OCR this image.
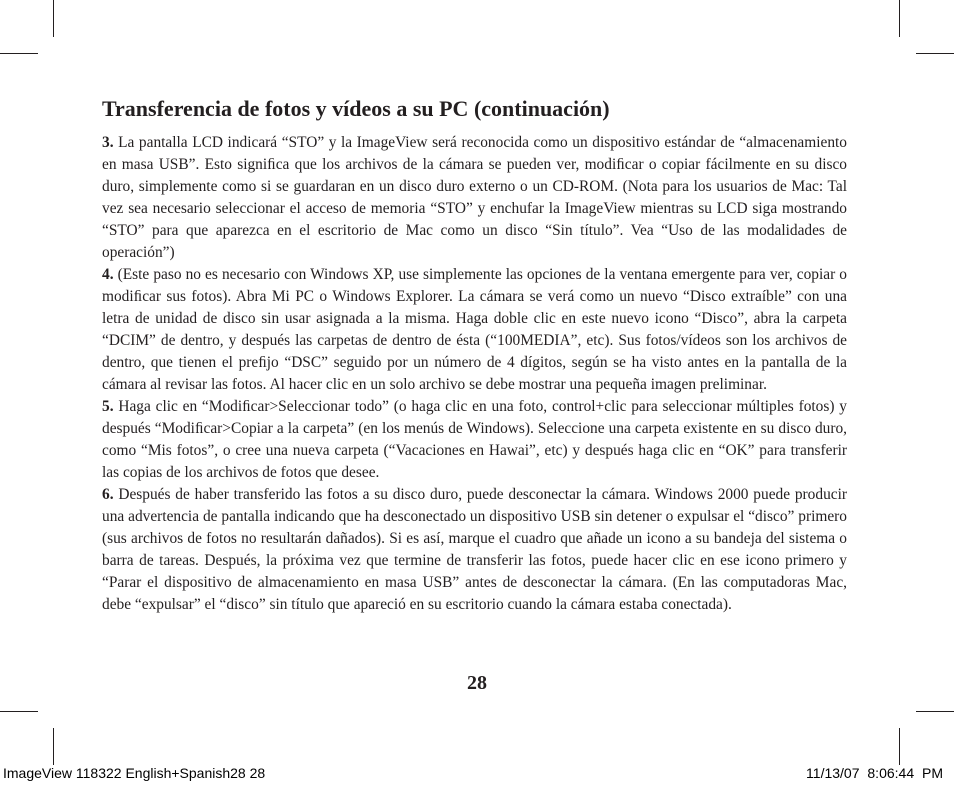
Transferencia de fotos y vídeos a su PC (continuación)

3. La pantalla LCD indicará “STO” y la ImageView será reconocida como un dispositivo estándar de “almacenamiento en masa USB”. Esto signiﬁca que los archivos de la cámara se pueden ver, modiﬁcar o copiar fácilmente en su disco duro, simplemente como si se guardaran en un disco duro externo o un CD-ROM. (Nota para los usuarios de Mac: Tal vez sea necesario seleccionar el acceso de memoria “STO” y enchufar la ImageView mientras su LCD siga mostrando “STO” para que aparezca en el escritorio de Mac como un disco “Sin título”. Vea “Uso de las modalidades de operación”)

4. (Este paso no es necesario con Windows XP, use simplemente las opciones de la ventana emergente para ver, copiar o modiﬁcar sus fotos). Abra Mi PC o Windows Explorer. La cámara se verá como un nuevo “Disco extraíble” con una letra de unidad de disco sin usar asignada a la misma. Haga doble clic en este nuevo icono “Disco”, abra la carpeta “DCIM” de dentro, y después las carpetas de dentro de ésta (“100MEDIA”, etc). Sus fotos/vídeos son los archivos de dentro, que tienen el preﬁjo “DSC” seguido por un número de 4 dígitos, según se ha visto antes en la pantalla de la cámara al revisar las fotos. Al hacer clic en un solo archivo se debe mostrar una pequeña imagen preliminar.

5. Haga clic en “Modiﬁcar>Seleccionar todo” (o haga clic en una foto, control+clic para seleccionar múltiples fotos) y después “Modiﬁcar>Copiar a la carpeta” (en los menús de Windows). Seleccione una carpeta existente en su disco duro, como “Mis fotos”, o cree una nueva carpeta (“Vacaciones en Hawai”, etc) y después haga clic en “OK” para transferir las copias de los archivos de fotos que desee.

6. Después de haber transferido las fotos a su disco duro, puede desconectar la cámara. Windows 2000 puede producir una advertencia de pantalla indicando que ha desconectado un dispositivo USB sin detener o expulsar el “disco” primero (sus archivos de fotos no resultarán dañados). Si es así, marque el cuadro que añade un icono a su bandeja del sistema o barra de tareas. Después, la próxima vez que termine de transferir las fotos, puede hacer clic en ese icono primero y “Parar el dispositivo de almacenamiento en masa USB” antes de desconectar la cámara. (En las computadoras Mac, debe “expulsar” el “disco” sin título que apareció en su escritorio cuando la cámara estaba conectada).

28
ImageView 118322 English+Spanish28 28	11/13/07 8:06:44 PM
